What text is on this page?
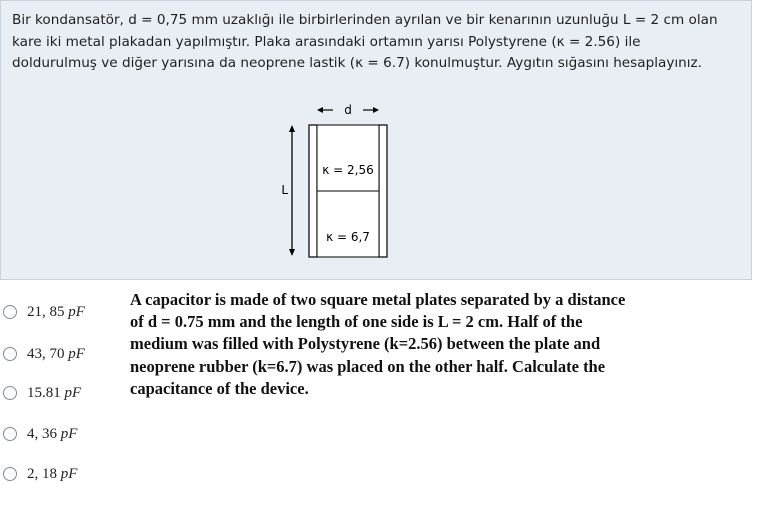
Bir kondansatör, d = 0,75 mm uzaklığı ile birbirlerinden ayrılan ve bir kenarının uzunluğu L = 2 cm olan
kare iki metal plakadan yapılmıştır. Plaka arasındaki ortamın yarısı Polystyrene (κ = 2.56) ile
doldurulmuş ve diğer yarısına da neoprene lastik (κ = 6.7) konulmuştur. Aygıtın sığasını hesaplayınız.

d
L
κ = 2,56
κ = 6,7
21, 85 pF
43, 70 pF
15.81 pF
4, 36 pF
2, 18 pF

A capacitor is made of two square metal plates separated by a distance
of d = 0.75 mm and the length of one side is L = 2 cm. Half of the
medium was filled with Polystyrene (k=2.56) between the plate and
neoprene rubber (k=6.7) was placed on the other half. Calculate the
capacitance of the device.
